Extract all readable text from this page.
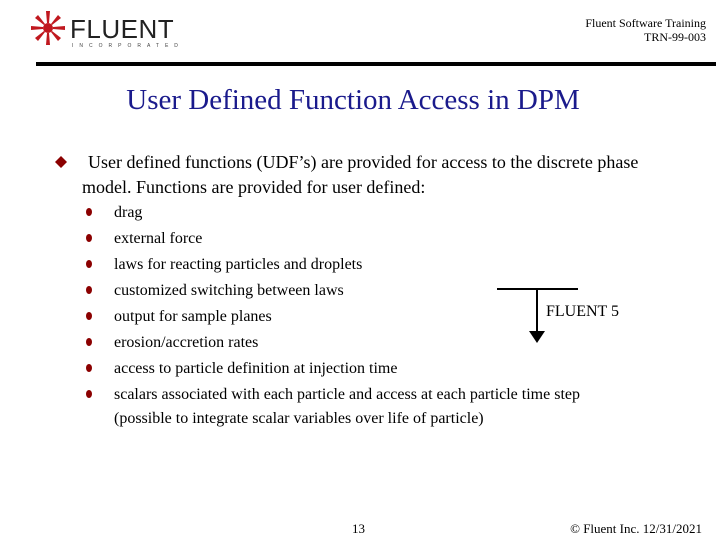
FLUENT
INCORPORATED
Fluent Software Training
TRN-99-003
User Defined Function Access in DPM
User defined functions (UDF’s) are provided for access to the discrete phase model. Functions are provided for user defined:
drag
external force
laws for reacting particles and droplets
customized switching between laws
output for sample planes
erosion/accretion rates
access to particle definition at injection time
scalars associated with each particle and access at each particle time step
(possible to integrate scalar variables over life of particle)
FLUENT 5
13	© Fluent Inc. 12/31/2021
